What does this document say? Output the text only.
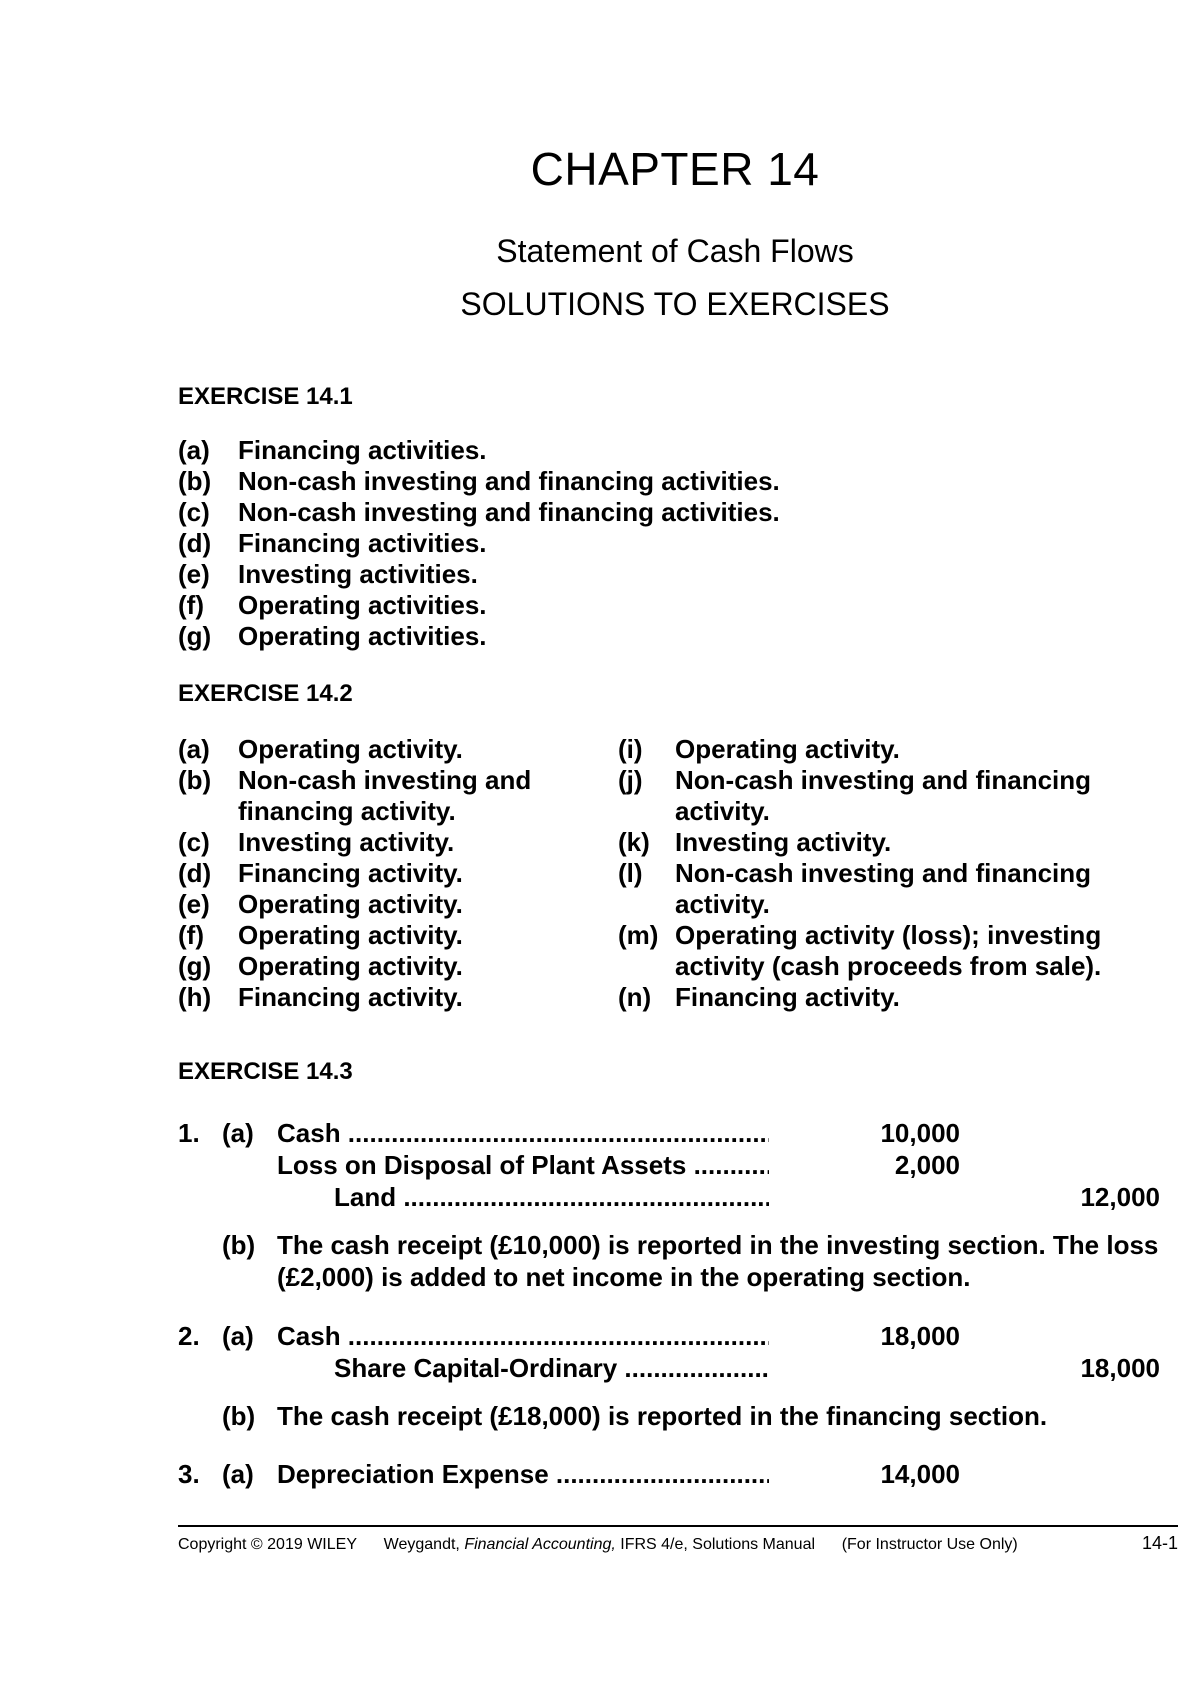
CHAPTER 14
Statement of Cash Flows
SOLUTIONS TO EXERCISES
EXERCISE 14.1
(a)	Financing activities.
(b)	Non-cash investing and financing activities.
(c)	Non-cash investing and financing activities.
(d)	Financing activities.
(e)	Investing activities.
(f)	Operating activities.
(g)	Operating activities.
EXERCISE 14.2
(a)	Operating activity.
(b)	Non-cash investing and financing activity.
(c)	Investing activity.
(d)	Financing activity.
(e)	Operating activity.
(f)	Operating activity.
(g)	Operating activity.
(h)	Financing activity.
(i)	Operating activity.
(j)	Non-cash investing and financing activity.
(k) Investing activity.
(l)	Non-cash investing and financing activity.
(m) Operating activity (loss); investing activity (cash proceeds from sale).
(n) Financing activity.
EXERCISE 14.3
1. (a) Cash .....	10,000
Loss on Disposal of Plant Assets .....	2,000
Land .....	12,000
(b) The cash receipt (£10,000) is reported in the investing section. The loss (£2,000) is added to net income in the operating section.
2. (a) Cash .....	18,000
Share Capital-Ordinary .....	18,000
(b) The cash receipt (£18,000) is reported in the financing section.
3. (a) Depreciation Expense .....	14,000
Copyright © 2019 WILEY Weygandt, Financial Accounting, IFRS 4/e, Solutions Manual (For Instructor Use Only)	14-1
